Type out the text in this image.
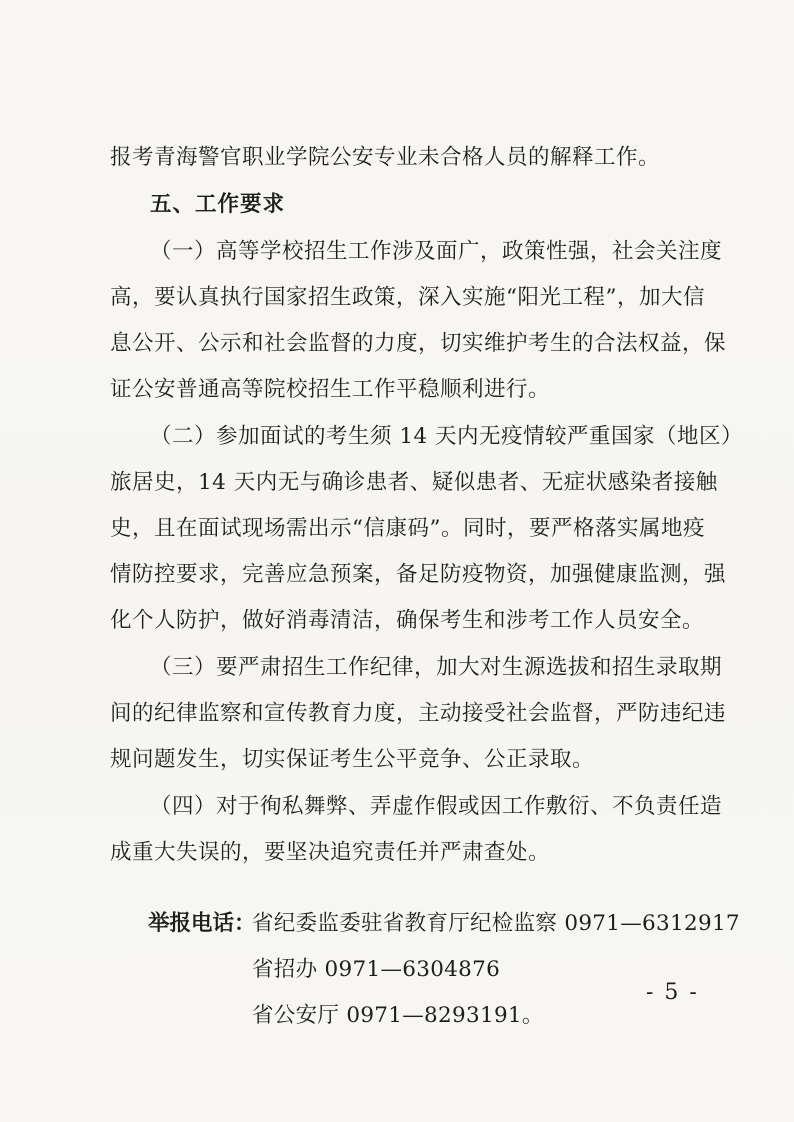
报考青海警官职业学院公安专业未合格人员的解释工作。
五、工作要求
（一）高等学校招生工作涉及面广，政策性强，社会关注度
高，要认真执行国家招生政策，深入实施“阳光工程”，加大信
息公开、公示和社会监督的力度，切实维护考生的合法权益，保
证公安普通高等院校招生工作平稳顺利进行。
（二）参加面试的考生须 14 天内无疫情较严重国家（地区）
旅居史，14 天内无与确诊患者、疑似患者、无症状感染者接触
史，且在面试现场需出示“信康码”。同时，要严格落实属地疫
情防控要求，完善应急预案，备足防疫物资，加强健康监测，强
化个人防护，做好消毒清洁，确保考生和涉考工作人员安全。
（三）要严肃招生工作纪律，加大对生源选拔和招生录取期
间的纪律监察和宣传教育力度，主动接受社会监督，严防违纪违
规问题发生，切实保证考生公平竞争、公正录取。
（四）对于徇私舞弊、弄虚作假或因工作敷衍、不负责任造
成重大失误的，要坚决追究责任并严肃查处。
举报电话：
省纪委监委驻省教育厅纪检监察 0971—6312917
省招办 0971—6304876
省公安厅 0971—8293191。
- 5 -
